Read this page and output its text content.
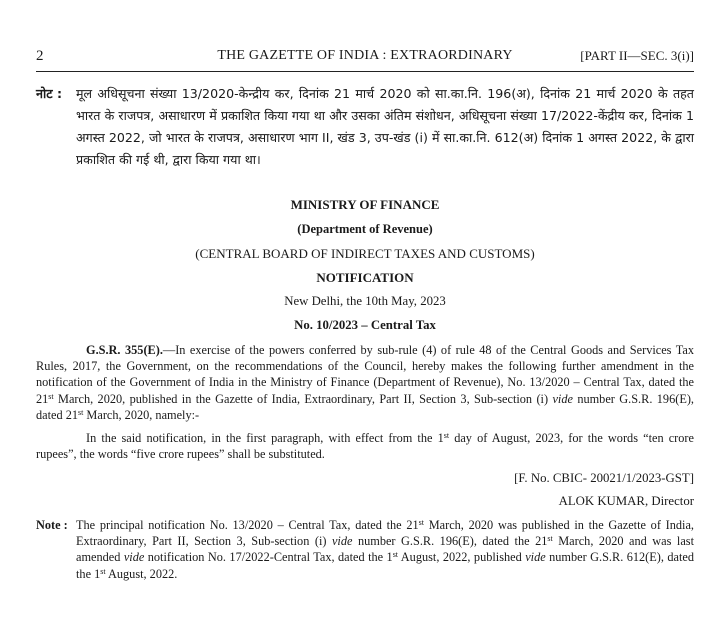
2	THE GAZETTE OF INDIA : EXTRAORDINARY	[PART II—SEC. 3(i)]
नोट : मूल अधिसूचना संख्या 13/2020-केन्द्रीय कर, दिनांक 21 मार्च 2020 को सा.का.नि. 196(अ), दिनांक 21 मार्च 2020 के तहत भारत के राजपत्र, असाधारण में प्रकाशित किया गया था और उसका अंतिम संशोधन, अधिसूचना संख्या 17/2022-केंद्रीय कर, दिनांक 1 अगस्त 2022, जो भारत के राजपत्र, असाधारण भाग II, खंड 3, उप-खंड (i) में सा.का.नि. 612(अ) दिनांक 1 अगस्त 2022, के द्वारा प्रकाशित की गई थी, द्वारा किया गया था।
MINISTRY OF FINANCE
(Department of Revenue)
(CENTRAL BOARD OF INDIRECT TAXES AND CUSTOMS)
NOTIFICATION
New Delhi, the 10th May, 2023
No. 10/2023 – Central Tax
G.S.R. 355(E).—In exercise of the powers conferred by sub-rule (4) of rule 48 of the Central Goods and Services Tax Rules, 2017, the Government, on the recommendations of the Council, hereby makes the following further amendment in the notification of the Government of India in the Ministry of Finance (Department of Revenue), No. 13/2020 – Central Tax, dated the 21st March, 2020, published in the Gazette of India, Extraordinary, Part II, Section 3, Sub-section (i) vide number G.S.R. 196(E), dated 21st March, 2020, namely:-
In the said notification, in the first paragraph, with effect from the 1st day of August, 2023, for the words “ten crore rupees”, the words “five crore rupees” shall be substituted.
[F. No. CBIC- 20021/1/2023-GST]
ALOK KUMAR, Director
Note : The principal notification No. 13/2020 – Central Tax, dated the 21st March, 2020 was published in the Gazette of India, Extraordinary, Part II, Section 3, Sub-section (i) vide number G.S.R. 196(E), dated the 21st March, 2020 and was last amended vide notification No. 17/2022-Central Tax, dated the 1st August, 2022, published vide number G.S.R. 612(E), dated the 1st August, 2022.
